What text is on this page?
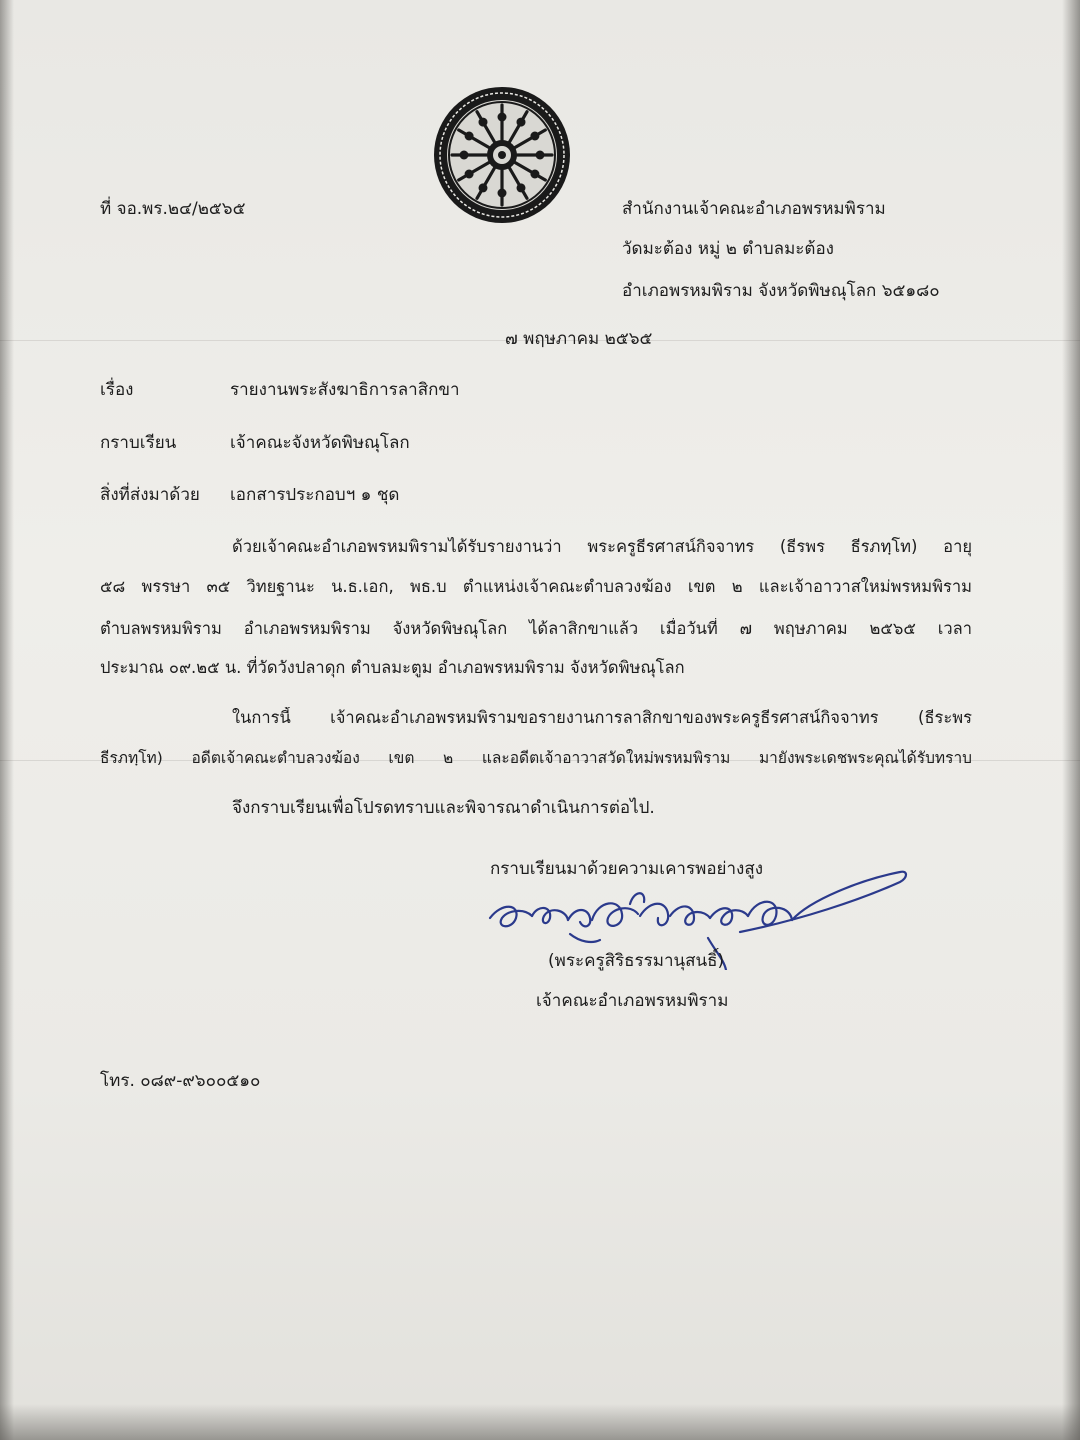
ที่ จอ.พร.๒๔/๒๕๖๕	สำนักงานเจ้าคณะอำเภอพรหมพิราม
วัดมะต้อง หมู่ ๒ ตำบลมะต้อง
อำเภอพรหมพิราม จังหวัดพิษณุโลก ๖๕๑๘๐
๗ พฤษภาคม ๒๕๖๕
เรื่อง	รายงานพระสังฆาธิการลาสิกขา
กราบเรียน	เจ้าคณะจังหวัดพิษณุโลก
สิ่งที่ส่งมาด้วย เอกสารประกอบฯ ๑ ชุด
ด้วยเจ้าคณะอำเภอพรหมพิรามได้รับรายงานว่า พระครูธีรศาสน์กิจจาทร (ธีรพร ธีรภทฺโท) อายุ
๕๘ พรรษา ๓๕ วิทยฐานะ น.ธ.เอก, พธ.บ ตำแหน่งเจ้าคณะตำบลวงฆ้อง เขต ๒ และเจ้าอาวาสใหม่พรหมพิราม
ตำบลพรหมพิราม อำเภอพรหมพิราม จังหวัดพิษณุโลก ได้ลาสิกขาแล้ว เมื่อวันที่ ๗ พฤษภาคม ๒๕๖๕ เวลา
ประมาณ ๐๙.๒๕ น. ที่วัดวังปลาดุก ตำบลมะตูม อำเภอพรหมพิราม จังหวัดพิษณุโลก
ในการนี้ เจ้าคณะอำเภอพรหมพิรามขอรายงานการลาสิกขาของพระครูธีรศาสน์กิจจาทร (ธีระพร
ธีรภทฺโท) อดีตเจ้าคณะตำบลวงฆ้อง เขต ๒ และอดีตเจ้าอาวาสวัดใหม่พรหมพิราม มายังพระเดชพระคุณได้รับทราบ
จึงกราบเรียนเพื่อโปรดทราบและพิจารณาดำเนินการต่อไป.
กราบเรียนมาด้วยความเคารพอย่างสูง
(พระครูสิริธรรมานุสนธิ์)
เจ้าคณะอำเภอพรหมพิราม
โทร. ๐๘๙-๙๖๐๐๕๑๐
